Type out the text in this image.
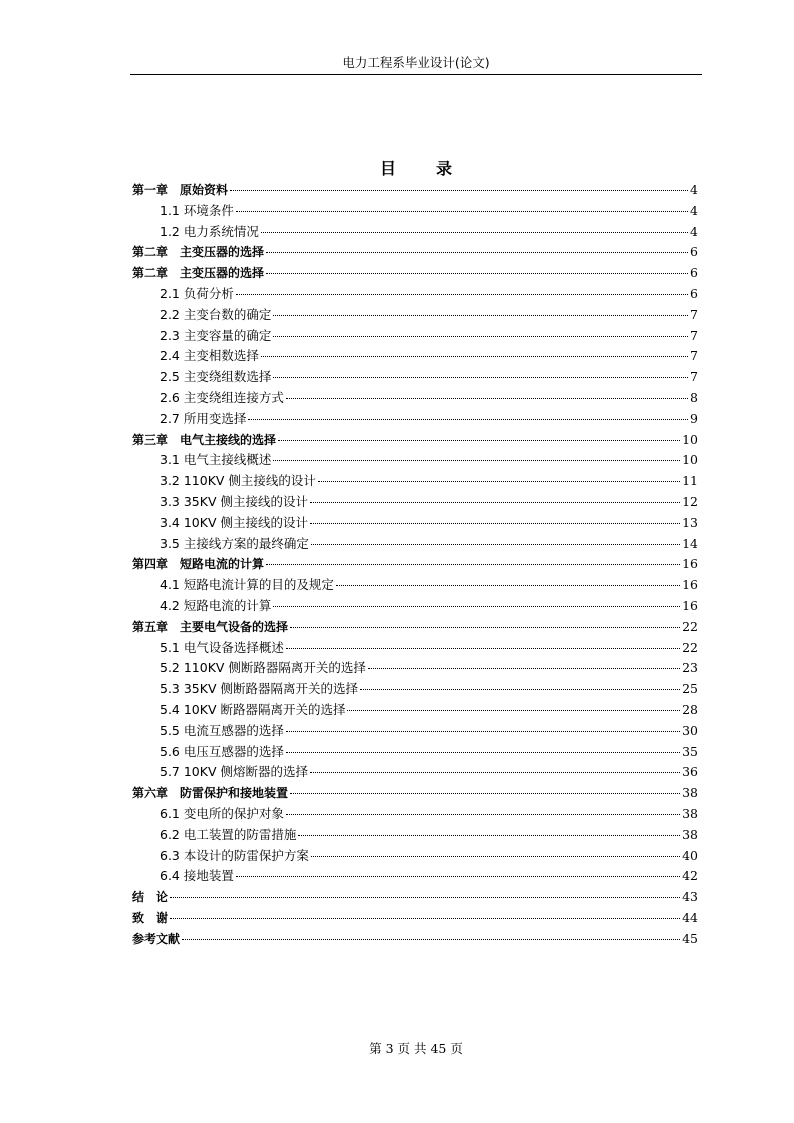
电力工程系毕业设计(论文)
目录
第一章　原始资料	4
1.1 环境条件	4
1.2 电力系统情况	4
第二章　主变压器的选择	6
第二章　主变压器的选择	6
2.1 负荷分析	6
2.2 主变台数的确定	7
2.3 主变容量的确定	7
2.4 主变相数选择	7
2.5 主变绕组数选择	7
2.6 主变绕组连接方式	8
2.7 所用变选择	9
第三章　电气主接线的选择	10
3.1 电气主接线概述	10
3.2 110KV 侧主接线的设计	11
3.3 35KV 侧主接线的设计	12
3.4 10KV 侧主接线的设计	13
3.5 主接线方案的最终确定	14
第四章　短路电流的计算	16
4.1 短路电流计算的目的及规定	16
4.2 短路电流的计算	16
第五章　主要电气设备的选择	22
5.1 电气设备选择概述	22
5.2 110KV 侧断路器隔离开关的选择	23
5.3 35KV 侧断路器隔离开关的选择	25
5.4 10KV 断路器隔离开关的选择	28
5.5 电流互感器的选择	30
5.6 电压互感器的选择	35
5.7 10KV 侧熔断器的选择	36
第六章　防雷保护和接地装置	38
6.1 变电所的保护对象	38
6.2 电工装置的防雷措施	38
6.3 本设计的防雷保护方案	40
6.4 接地装置	42
结　论	43
致　谢	44
参考文献	45
第 3 页 共 45 页
